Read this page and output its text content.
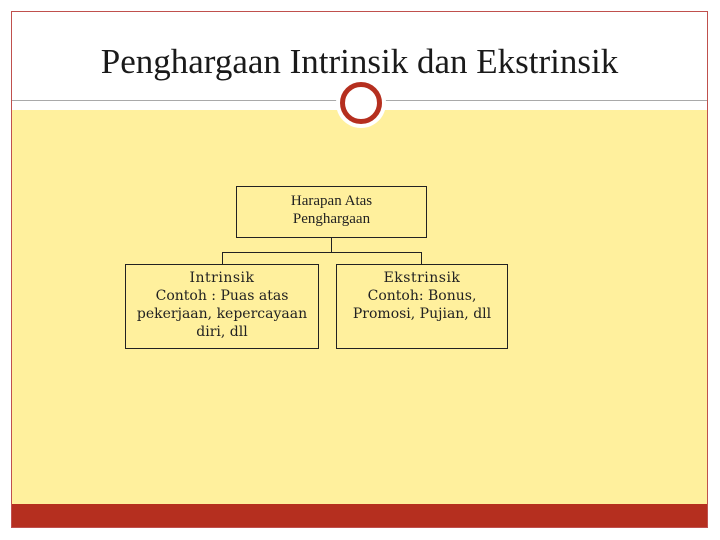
Penghargaan Intrinsik dan Ekstrinsik
Harapan Atas
Penghargaan
Intrinsik
Contoh : Puas atas pekerjaan, kepercayaan diri, dll
Ekstrinsik
Contoh: Bonus, Promosi, Pujian, dll
